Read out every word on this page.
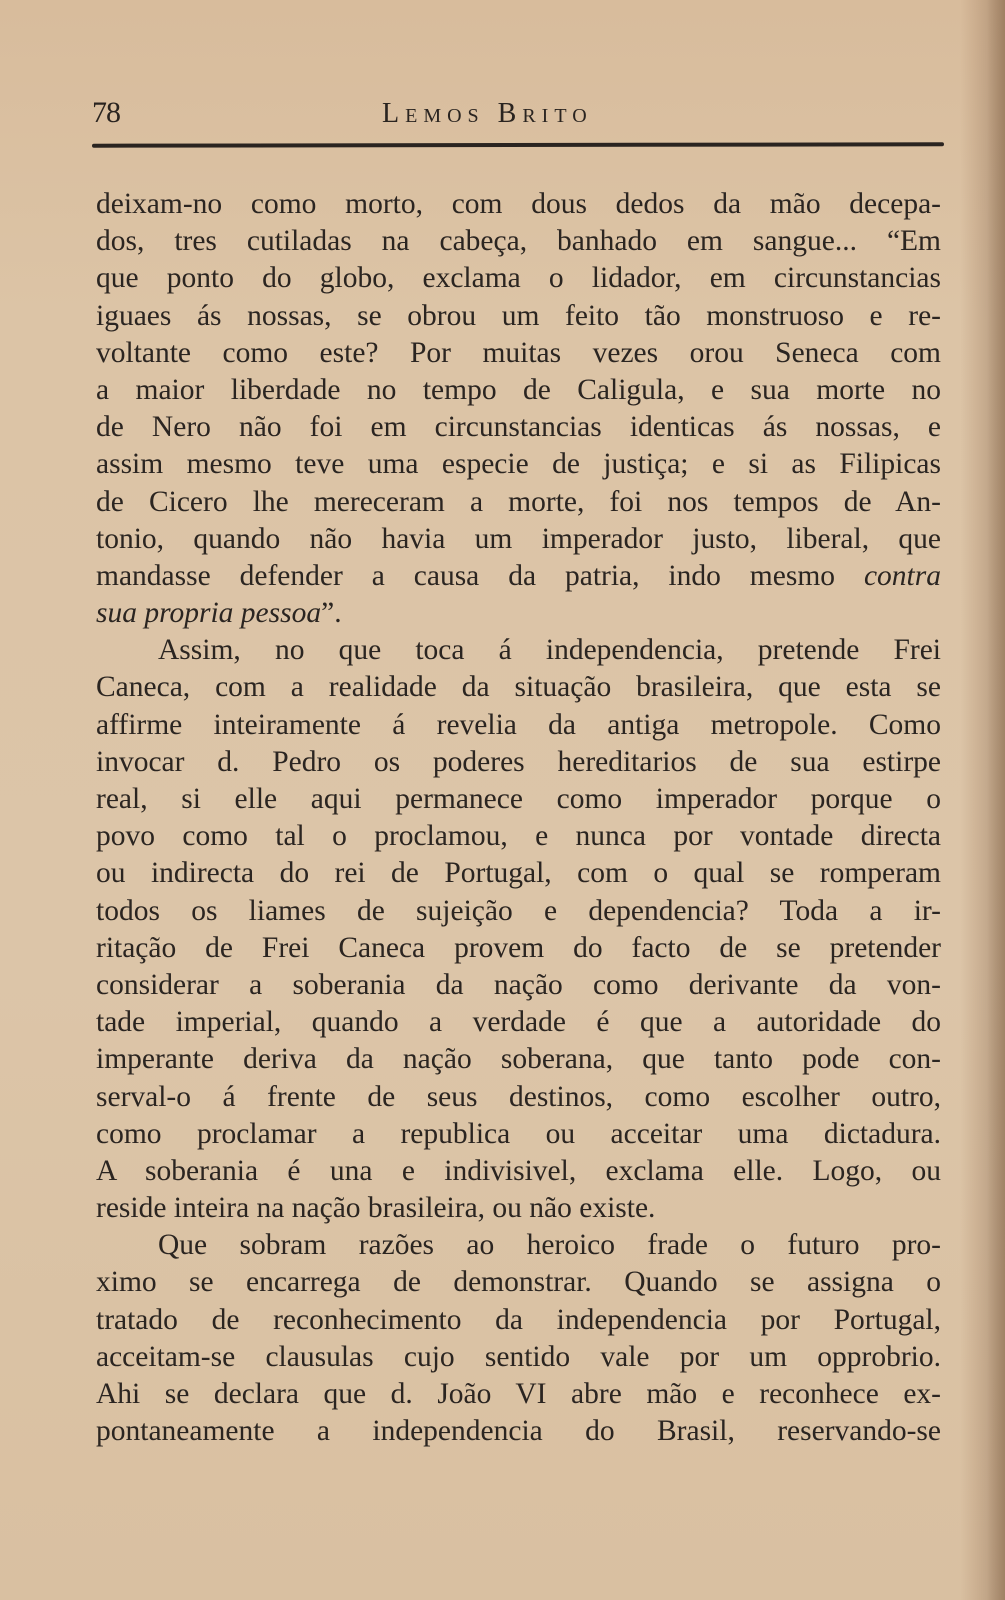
78	Lemos Brito
deixam-no como morto, com dous dedos da mão decepa-
dos, tres cutiladas na cabeça, banhado em sangue... “Em
que ponto do globo, exclama o lidador, em circunstancias
iguaes ás nossas, se obrou um feito tão monstruoso e re-
voltante como este? Por muitas vezes orou Seneca com
a maior liberdade no tempo de Caligula, e sua morte no
de Nero não foi em circunstancias identicas ás nossas, e
assim mesmo teve uma especie de justiça; e si as Filipicas
de Cicero lhe mereceram a morte, foi nos tempos de An-
tonio, quando não havia um imperador justo, liberal, que
mandasse defender a causa da patria, indo mesmo contra
sua propria pessoa”.
Assim, no que toca á independencia, pretende Frei
Caneca, com a realidade da situação brasileira, que esta se
affirme inteiramente á revelia da antiga metropole. Como
invocar d. Pedro os poderes hereditarios de sua estirpe
real, si elle aqui permanece como imperador porque o
povo como tal o proclamou, e nunca por vontade directa
ou indirecta do rei de Portugal, com o qual se romperam
todos os liames de sujeição e dependencia? Toda a ir-
ritação de Frei Caneca provem do facto de se pretender
considerar a soberania da nação como derivante da von-
tade imperial, quando a verdade é que a autoridade do
imperante deriva da nação soberana, que tanto pode con-
serval-o á frente de seus destinos, como escolher outro,
como proclamar a republica ou acceitar uma dictadura.
A soberania é una e indivisivel, exclama elle. Logo, ou
reside inteira na nação brasileira, ou não existe.
Que sobram razões ao heroico frade o futuro pro-
ximo se encarrega de demonstrar. Quando se assigna o
tratado de reconhecimento da independencia por Portugal,
acceitam-se clausulas cujo sentido vale por um opprobrio.
Ahi se declara que d. João VI abre mão e reconhece ex-
pontaneamente a independencia do Brasil, reservando-se
